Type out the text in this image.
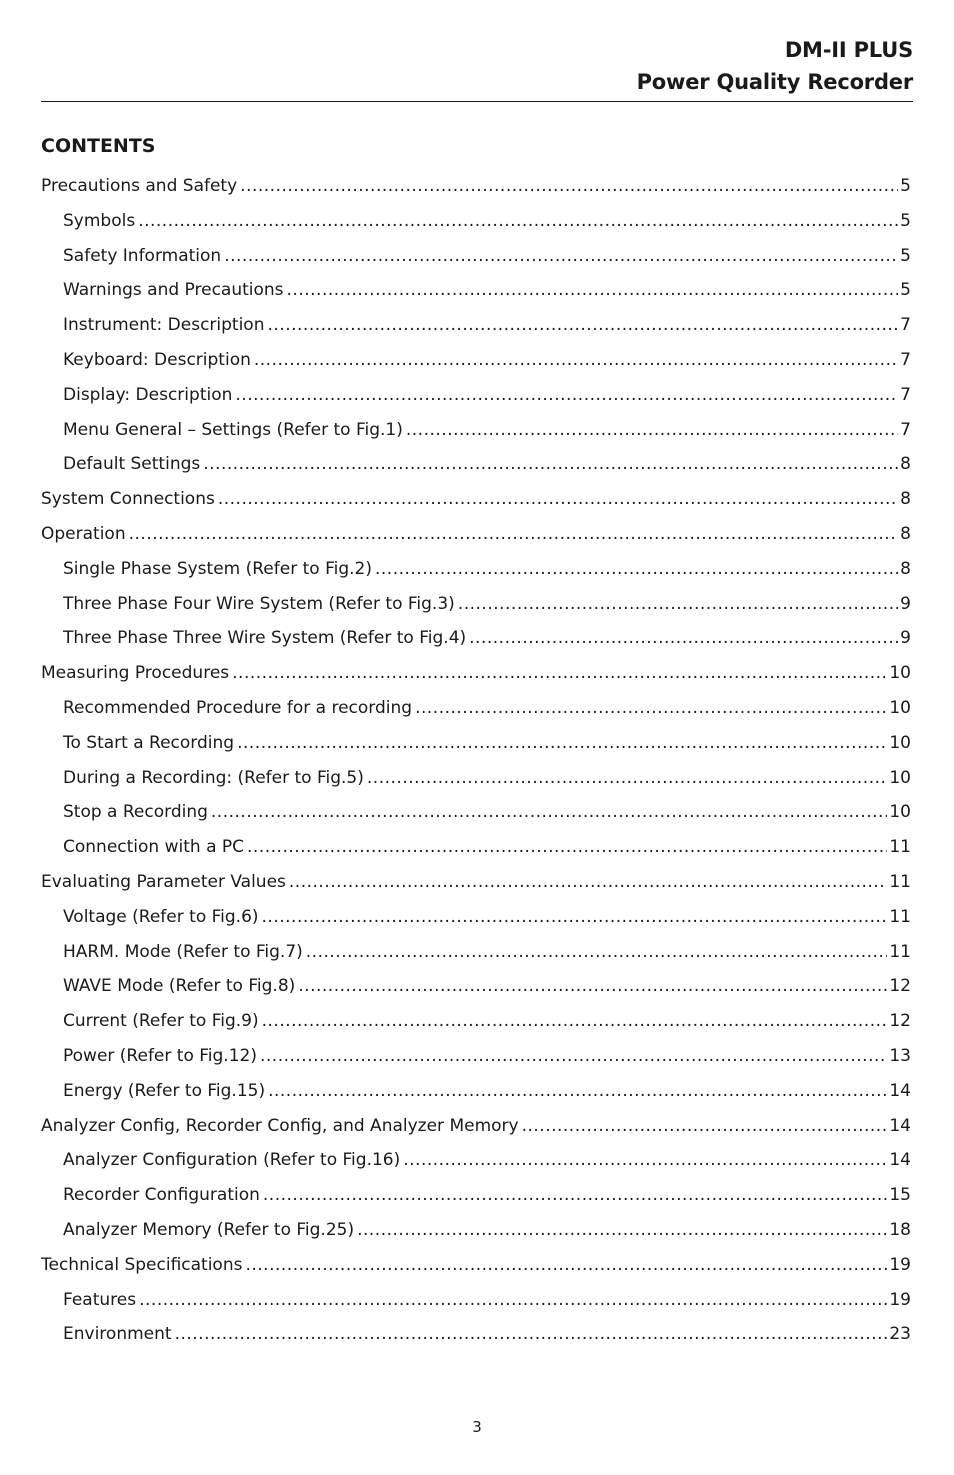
DM-II PLUS
Power Quality Recorder
CONTENTS
Precautions and Safety .....	5
Symbols .....	5
Safety Information .....	5
Warnings and Precautions .....	5
Instrument: Description .....	7
Keyboard: Description .....	7
Display: Description .....	7
Menu General – Settings (Refer to Fig.1) .....	7
Default Settings .....	8
System Connections .....	8
Operation .....	8
Single Phase System (Refer to Fig.2) .....	8
Three Phase Four Wire System (Refer to Fig.3) .....	9
Three Phase Three Wire System (Refer to Fig.4) .....	9
Measuring Procedures .....	10
Recommended Procedure for a recording .....	10
To Start a Recording .....	10
During a Recording: (Refer to Fig.5) .....	10
Stop a Recording .....	10
Connection with a PC .....	11
Evaluating Parameter Values .....	11
Voltage (Refer to Fig.6) .....	11
HARM. Mode (Refer to Fig.7) .....	11
WAVE Mode (Refer to Fig.8) .....	12
Current (Refer to Fig.9) .....	12
Power (Refer to Fig.12) .....	13
Energy (Refer to Fig.15) .....	14
Analyzer Config, Recorder Config, and Analyzer Memory .....	14
Analyzer Configuration (Refer to Fig.16) .....	14
Recorder Configuration .....	15
Analyzer Memory (Refer to Fig.25) .....	18
Technical Specifications .....	19
Features .....	19
Environment .....	23
3
